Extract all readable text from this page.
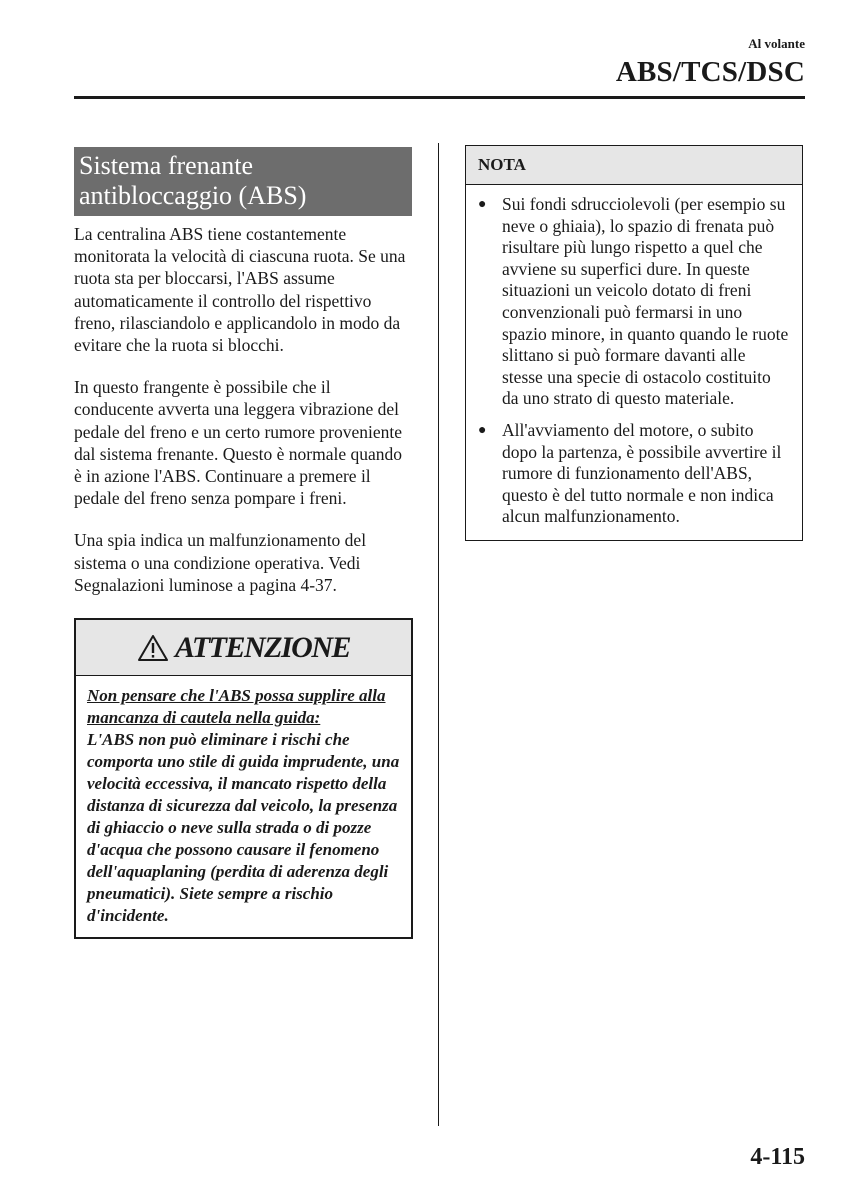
Al volante
ABS/TCS/DSC
Sistema frenante antibloccaggio (ABS)

La centralina ABS tiene costantemente monitorata la velocità di ciascuna ruota. Se una ruota sta per bloccarsi, l'ABS assume automaticamente il controllo del rispettivo freno, rilasciandolo e applicandolo in modo da evitare che la ruota si blocchi.

In questo frangente è possibile che il conducente avverta una leggera vibrazione del pedale del freno e un certo rumore proveniente dal sistema frenante. Questo è normale quando è in azione l'ABS. Continuare a premere il pedale del freno senza pompare i freni.

Una spia indica un malfunzionamento del sistema o una condizione operativa. Vedi Segnalazioni luminose a pagina 4-37.

ATTENZIONE
Non pensare che l'ABS possa supplire alla mancanza di cautela nella guida:

L'ABS non può eliminare i rischi che comporta uno stile di guida imprudente, una velocità eccessiva, il mancato rispetto della distanza di sicurezza dal veicolo, la presenza di ghiaccio o neve sulla strada o di pozze d'acqua che possono causare il fenomeno dell'aquaplaning (perdita di aderenza degli pneumatici). Siete sempre a rischio d'incidente.

NOTA
● Sui fondi sdrucciolevoli (per esempio su neve o ghiaia), lo spazio di frenata può risultare più lungo rispetto a quel che avviene su superfici dure. In queste situazioni un veicolo dotato di freni convenzionali può fermarsi in uno spazio minore, in quanto quando le ruote slittano si può formare davanti alle stesse una specie di ostacolo costituito da uno strato di questo materiale.
● All'avviamento del motore, o subito dopo la partenza, è possibile avvertire il rumore di funzionamento dell'ABS, questo è del tutto normale e non indica alcun malfunzionamento.
4-115
